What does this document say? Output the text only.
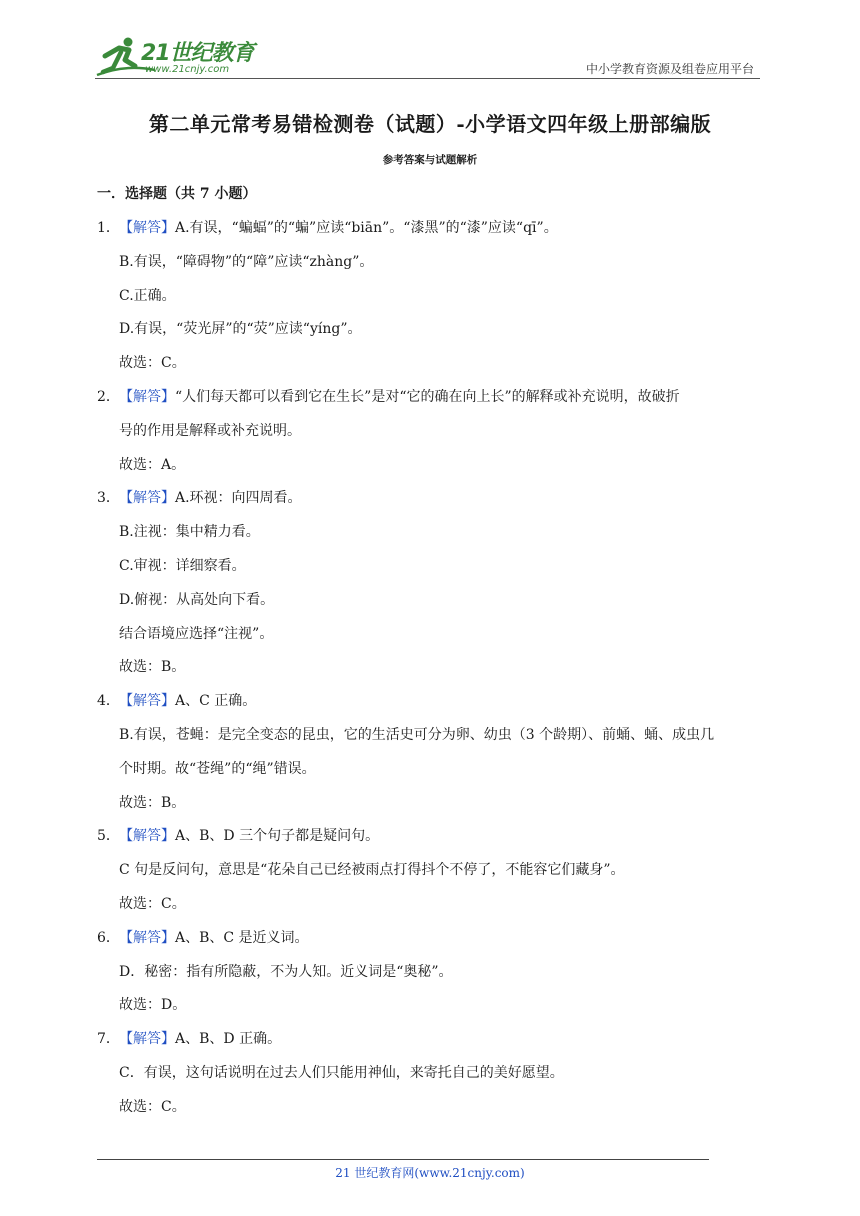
21世纪教育
www.21cnjy.com	中小学教育资源及组卷应用平台
第二单元常考易错检测卷（试题）-小学语文四年级上册部编版
参考答案与试题解析
一．选择题（共 7 小题）
1．【解答】A.有误，“蝙蝠”的“蝙”应读“biān”。“漆黑”的“漆”应读“qī”。
B.有误，“障碍物”的“障”应读“zhàng”。
C.正确。
D.有误，“荧光屏”的“荧”应读“yíng”。
故选：C。
2．【解答】“人们每天都可以看到它在生长”是对“它的确在向上长”的解释或补充说明，故破折
号的作用是解释或补充说明。
故选：A。
3．【解答】A.环视：向四周看。
B.注视：集中精力看。
C.审视：详细察看。
D.俯视：从高处向下看。
结合语境应选择“注视”。
故选：B。
4．【解答】A、C 正确。
B.有误，苍蝇：是完全变态的昆虫，它的生活史可分为卵、幼虫（3 个龄期）、前蛹、蛹、成虫几
个时期。故“苍绳”的“绳”错误。
故选：B。
5．【解答】A、B、D 三个句子都是疑问句。
C 句是反问句，意思是“花朵自己已经被雨点打得抖个不停了，不能容它们藏身”。
故选：C。
6．【解答】A、B、C 是近义词。
D．秘密：指有所隐蔽，不为人知。近义词是“奥秘”。
故选：D。
7．【解答】A、B、D 正确。
C．有误，这句话说明在过去人们只能用神仙，来寄托自己的美好愿望。
故选：C。
21 世纪教育网(www.21cnjy.com)
